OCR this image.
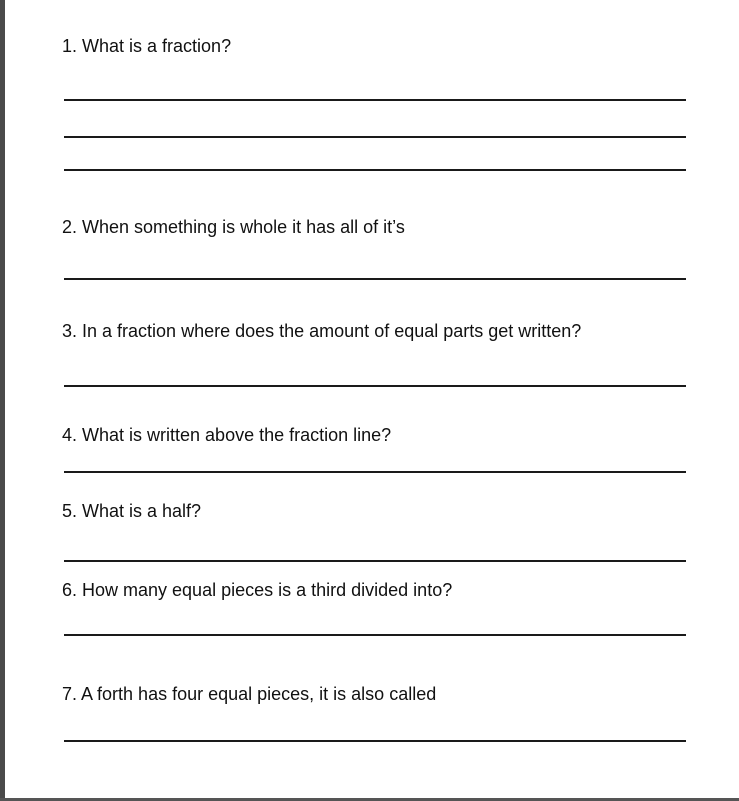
1. What is a fraction?
2. When something is whole it has all of it’s
3. In a fraction where does the amount of equal parts get written?
4. What is written above the fraction line?
5. What is a half?
6. How many equal pieces is a third divided into?
7. A forth has four equal pieces, it is also called
